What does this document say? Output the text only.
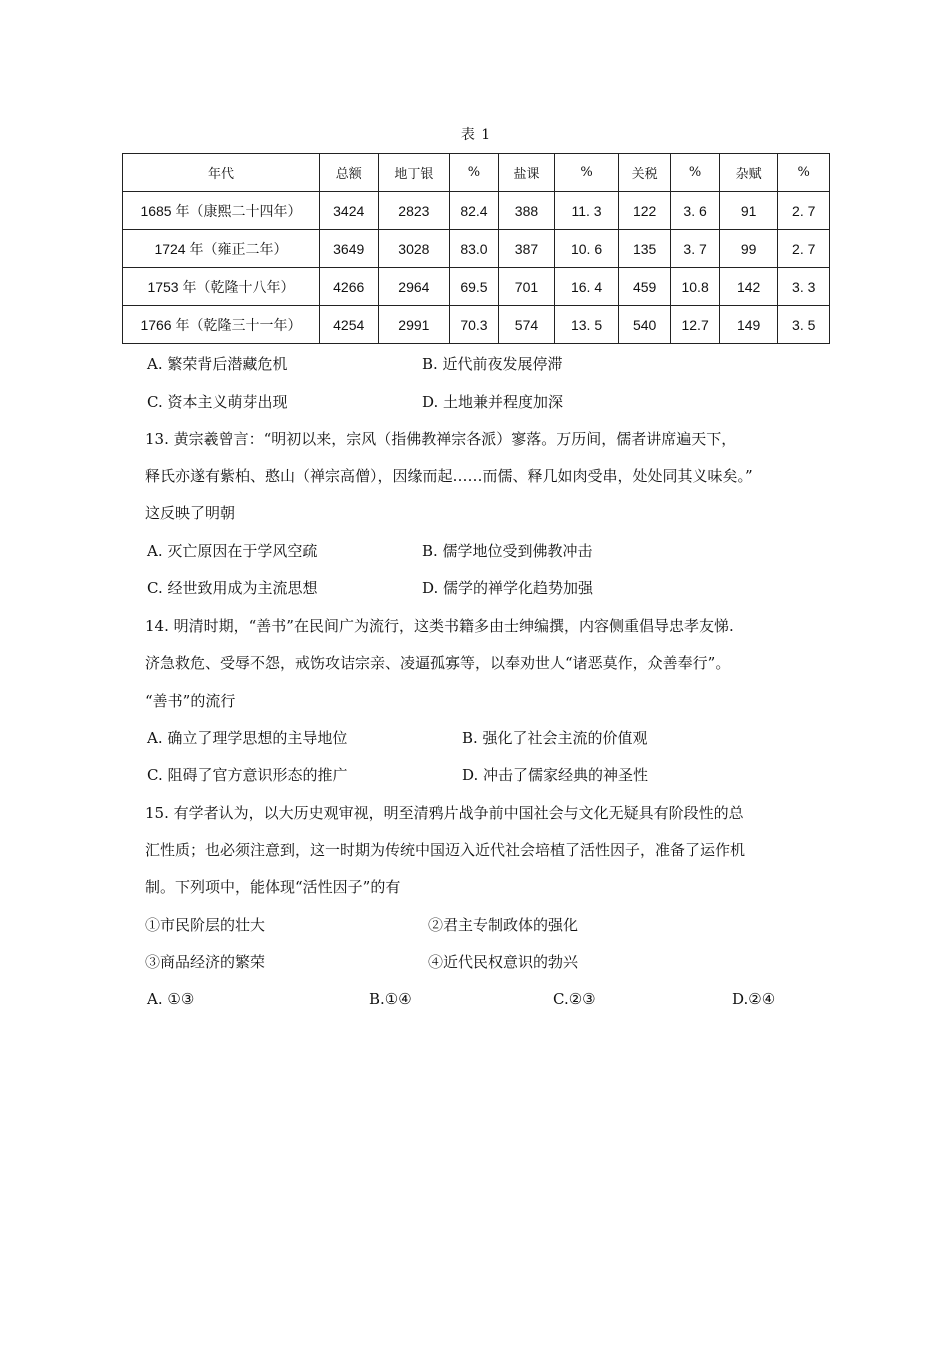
表 1
年代	总额	地丁银	%	盐课	%	关税	%	杂赋	%
1685 年（康熙二十四年）	3424	2823	82.4	388	11. 3	122	3. 6	91	2. 7
1724 年（雍正二年）	3649	3028	83.0	387	10. 6	135	3. 7	99	2. 7
1753 年（乾隆十八年）	4266	2964	69.5	701	16. 4	459	10.8	142	3. 3
1766 年（乾隆三十一年）	4254	2991	70.3	574	13. 5	540	12.7	149	3. 5
A. 繁荣背后潜藏危机	B. 近代前夜发展停滞
C. 资本主义萌芽出现	D. 土地兼并程度加深
13. 黄宗羲曾言：“明初以来，宗风（指佛教禅宗各派）寥落。万历间，儒者讲席遍天下，
释氏亦遂有紫柏、憨山（禅宗高僧），因缘而起……而儒、释几如肉受串，处处同其义味矣。”
这反映了明朝
A. 灭亡原因在于学风空疏	B. 儒学地位受到佛教冲击
C. 经世致用成为主流思想	D. 儒学的禅学化趋势加强
14. 明清时期，“善书”在民间广为流行，这类书籍多由士绅编撰，内容侧重倡导忠孝友悌.
济急救危、受辱不怨，戒饬攻诘宗亲、凌逼孤寡等，以奉劝世人“诸恶莫作，众善奉行”。
“善书”的流行
A. 确立了理学思想的主导地位	B. 强化了社会主流的价值观
C. 阻碍了官方意识形态的推广	D. 冲击了儒家经典的神圣性
15. 有学者认为，以大历史观审视，明至清鸦片战争前中国社会与文化无疑具有阶段性的总
汇性质；也必须注意到，这一时期为传统中国迈入近代社会培植了活性因子，准备了运作机
制。下列项中，能体现“活性因子”的有
①市民阶层的壮大	②君主专制政体的强化
③商品经济的繁荣	④近代民权意识的勃兴
A. ①③	B.①④	C.②③	D.②④
